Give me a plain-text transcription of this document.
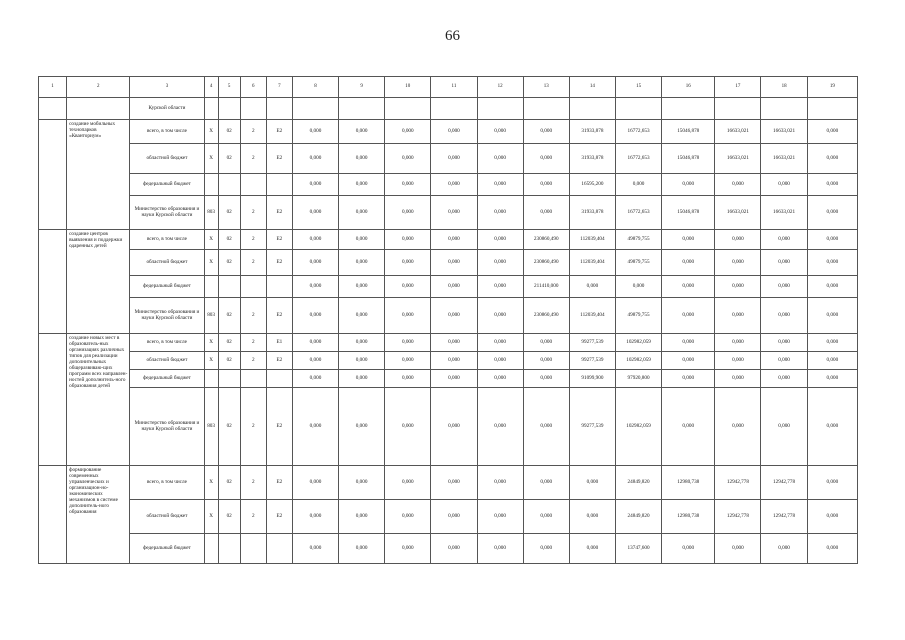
66
1	2	3	4	5	6	7	8	9	10	11	12	13	14	15	16	17	18	19
		Курской области																
	создание мобильных технопарков «Кванториум»	всего, в том числе	X	02	2	E2	0,000	0,000	0,000	0,000	0,000	0,000	31933,878	16772,653	15046,878	16633,021	16633,021	0,000
		областной бюджет	X	02	2	E2	0,000	0,000	0,000	0,000	0,000	0,000	31933,878	16772,653	15046,878	16633,021	16633,021	0,000
		федеральный бюджет					0,000	0,000	0,000	0,000	0,000	0,000	16595,200	0,000	0,000	0,000	0,000	0,000
		Министерство образования и науки Курской области	803	02	2	E2	0,000	0,000	0,000	0,000	0,000	0,000	31933,878	16772,653	15046,878	16633,021	16633,021	0,000
	создание центров выявления и поддержки одаренных детей	всего, в том числе	X	02	2	E2	0,000	0,000	0,000	0,000	0,000	230860,490	112039,404	49879,755	0,000	0,000	0,000	0,000
		областной бюджет	X	02	2	E2	0,000	0,000	0,000	0,000	0,000	230860,490	112039,404	49879,755	0,000	0,000	0,000	0,000
		федеральный бюджет					0,000	0,000	0,000	0,000	0,000	211410,000	0,000	0,000	0,000	0,000	0,000	0,000
		Министерство образования и науки Курской области	803	02	2	E2	0,000	0,000	0,000	0,000	0,000	230860,490	112039,404	49879,755	0,000	0,000	0,000	0,000
	создание новых мест в образователь-ных организациях различных типов для реализации дополнительных общеразвиваю-щих программ всех направлен-ностей дополнитель-ного образования детей	всего, в том числе	X	02	2	E1	0,000	0,000	0,000	0,000	0,000	0,000	99277,539	102982,059	0,000	0,000	0,000	0,000
		областной бюджет	X	02	2	E2	0,000	0,000	0,000	0,000	0,000	0,000	99277,539	102982,059	0,000	0,000	0,000	0,000
		федеральный бюджет					0,000	0,000	0,000	0,000	0,000	0,000	91099,900	97920,800	0,000	0,000	0,000	0,000
		Министерство образования и науки Курской области	803	02	2	E2	0,000	0,000	0,000	0,000	0,000	0,000	99277,539	102982,059	0,000	0,000	0,000	0,000
	формирование современных управленческих и организацион-но-экономических механизмов в системе дополнитель-ного образования	всего, в том числе	X	02	2	E2	0,000	0,000	0,000	0,000	0,000	0,000	0,000	24849,820	12980,738	12942,778	12942,778	0,000
		областной бюджет	X	02	2	E2	0,000	0,000	0,000	0,000	0,000	0,000	0,000	24849,820	12980,738	12942,778	12942,778	0,000
		федеральный бюджет					0,000	0,000	0,000	0,000	0,000	0,000	0,000	13747,600	0,000	0,000	0,000	0,000
